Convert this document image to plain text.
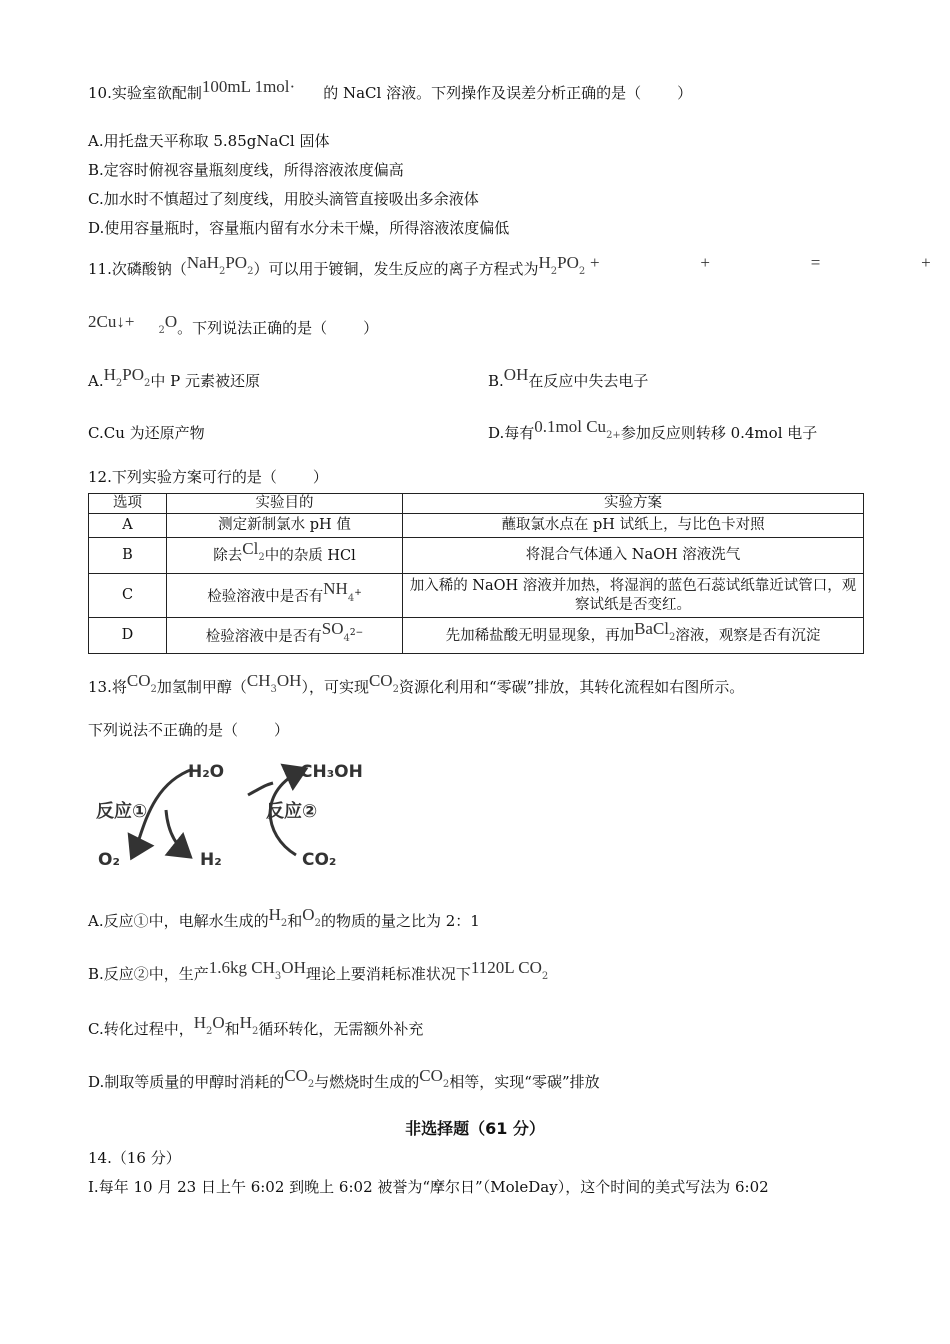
10.实验室欲配制100mL 1mol· 的 NaCl 溶液。下列操作及误差分析正确的是（ ）
A.用托盘天平称取 5.85gNaCl 固体
B.定容时俯视容量瓶刻度线，所得溶液浓度偏高
C.加水时不慎超过了刻度线，用胶头滴管直接吸出多余液体
D.使用容量瓶时，容量瓶内留有水分未干燥，所得溶液浓度偏低
11.次磷酸钠（NaH2PO2）可以用于镀铜，发生反应的离子方程式为H2PO2 +	+	=	+
2Cu↓+ 2O。下列说法正确的是（ ）
A.H2PO2中 P 元素被还原	B.OH在反应中失去电子
C.Cu 为还原产物	D.每有0.1mol Cu2+参加反应则转移 0.4mol 电子
12.下列实验方案可行的是（ ）
选项	实验目的	实验方案
A	测定新制氯水 pH 值	蘸取氯水点在 pH 试纸上，与比色卡对照
B	除去Cl2中的杂质 HCl	将混合气体通入 NaOH 溶液洗气
C	检验溶液中是否有NH4+	加入稀的 NaOH 溶液并加热，将湿润的蓝色石蕊试纸靠近试管口，观察试纸是否变红。
D	检验溶液中是否有$SO4^{2-}$	先加稀盐酸无明显现象，再加BaCl2溶液，观察是否有沉淀
13.将CO2加氢制甲醇（CH3OH），可实现CO2资源化利用和“零碳”排放，其转化流程如右图所示。
下列说法不正确的是（ ）
H₂O	CH₃OH
反应①	反应②
O₂	H₂	CO₂
A.反应①中，电解水生成的H2和O2的物质的量之比为 2：1
B.反应②中，生产1.6kg CH3OH理论上要消耗标准状况下1120L CO2
C.转化过程中，H2O和H2循环转化，无需额外补充
D.制取等质量的甲醇时消耗的CO2与燃烧时生成的CO2相等，实现“零碳”排放
非选择题（61 分）
14.（16 分）
Ⅰ.每年 10 月 23 日上午 6:02 到晚上 6:02 被誉为“摩尔日”（MoleDay），这个时间的美式写法为 6:02
